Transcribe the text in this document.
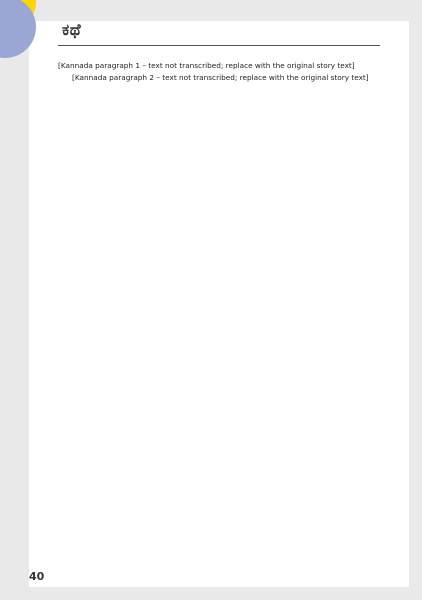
ಕಥೆ

[Kannada paragraph 1 – text not transcribed; replace with the original story text]

[Kannada paragraph 2 – text not transcribed; replace with the original story text]

40
